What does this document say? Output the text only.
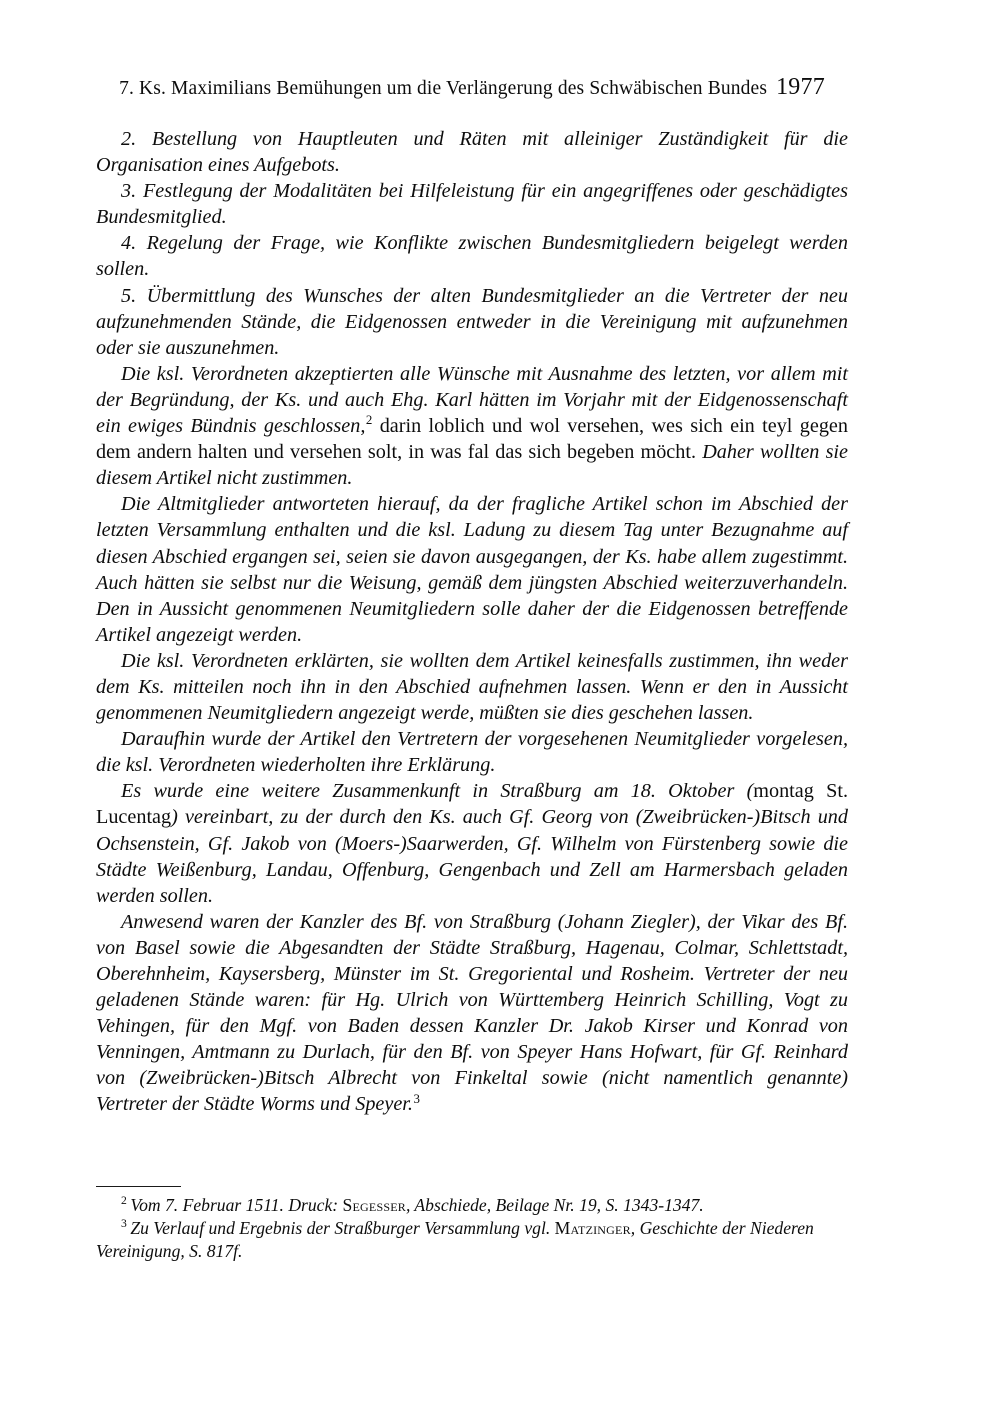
7. Ks. Maximilians Bemühungen um die Verlängerung des Schwäbischen Bundes 1977

2. Bestellung von Hauptleuten und Räten mit alleiniger Zuständigkeit für die Organisation eines Aufgebots.

3. Festlegung der Modalitäten bei Hilfeleistung für ein angegriffenes oder geschädigtes Bundesmitglied.

4. Regelung der Frage, wie Konflikte zwischen Bundesmitgliedern beigelegt werden sollen.

5. Übermittlung des Wunsches der alten Bundesmitglieder an die Vertreter der neu aufzunehmenden Stände, die Eidgenossen entweder in die Vereinigung mit aufzunehmen oder sie auszunehmen.

Die ksl. Verordneten akzeptierten alle Wünsche mit Ausnahme des letzten, vor allem mit der Begründung, der Ks. und auch Ehg. Karl hätten im Vorjahr mit der Eidgenossenschaft ein ewiges Bündnis geschlossen,$^2$ darin loblich und wol versehen, wes sich ein teyl gegen dem andern halten und versehen solt, in was fal das sich begeben möcht. Daher wollten sie diesem Artikel nicht zustimmen.

Die Altmitglieder antworteten hierauf, da der fragliche Artikel schon im Abschied der letzten Versammlung enthalten und die ksl. Ladung zu diesem Tag unter Bezugnahme auf diesen Abschied ergangen sei, seien sie davon ausgegangen, der Ks. habe allem zugestimmt. Auch hätten sie selbst nur die Weisung, gemäß dem jüngsten Abschied weiterzuverhandeln. Den in Aussicht genommenen Neumitgliedern solle daher der die Eidgenossen betreffende Artikel angezeigt werden.

Die ksl. Verordneten erklärten, sie wollten dem Artikel keinesfalls zustimmen, ihn weder dem Ks. mitteilen noch ihn in den Abschied aufnehmen lassen. Wenn er den in Aussicht genommenen Neumitgliedern angezeigt werde, müßten sie dies geschehen lassen.

Daraufhin wurde der Artikel den Vertretern der vorgesehenen Neumitglieder vorgelesen, die ksl. Verordneten wiederholten ihre Erklärung.

Es wurde eine weitere Zusammenkunft in Straßburg am 18. Oktober (montag St. Lucentag) vereinbart, zu der durch den Ks. auch Gf. Georg von (Zweibrücken-)Bitsch und Ochsenstein, Gf. Jakob von (Moers-)Saarwerden, Gf. Wilhelm von Fürstenberg sowie die Städte Weißenburg, Landau, Offenburg, Gengenbach und Zell am Harmersbach geladen werden sollen.

Anwesend waren der Kanzler des Bf. von Straßburg (Johann Ziegler), der Vikar des Bf. von Basel sowie die Abgesandten der Städte Straßburg, Hagenau, Colmar, Schlettstadt, Oberehnheim, Kaysersberg, Münster im St. Gregoriental und Rosheim. Vertreter der neu geladenen Stände waren: für Hg. Ulrich von Württemberg Heinrich Schilling, Vogt zu Vehingen, für den Mgf. von Baden dessen Kanzler Dr. Jakob Kirser und Konrad von Venningen, Amtmann zu Durlach, für den Bf. von Speyer Hans Hofwart, für Gf. Reinhard von (Zweibrücken-)Bitsch Albrecht von Finkeltal sowie (nicht namentlich genannte) Vertreter der Städte Worms und Speyer.$^3$

$^2$ Vom 7. Februar 1511. Druck: Segesser, Abschiede, Beilage Nr. 19, S. 1343-1347.

$^3$ Zu Verlauf und Ergebnis der Straßburger Versammlung vgl. Matzinger, Geschichte der Niederen Vereinigung, S. 817f.
